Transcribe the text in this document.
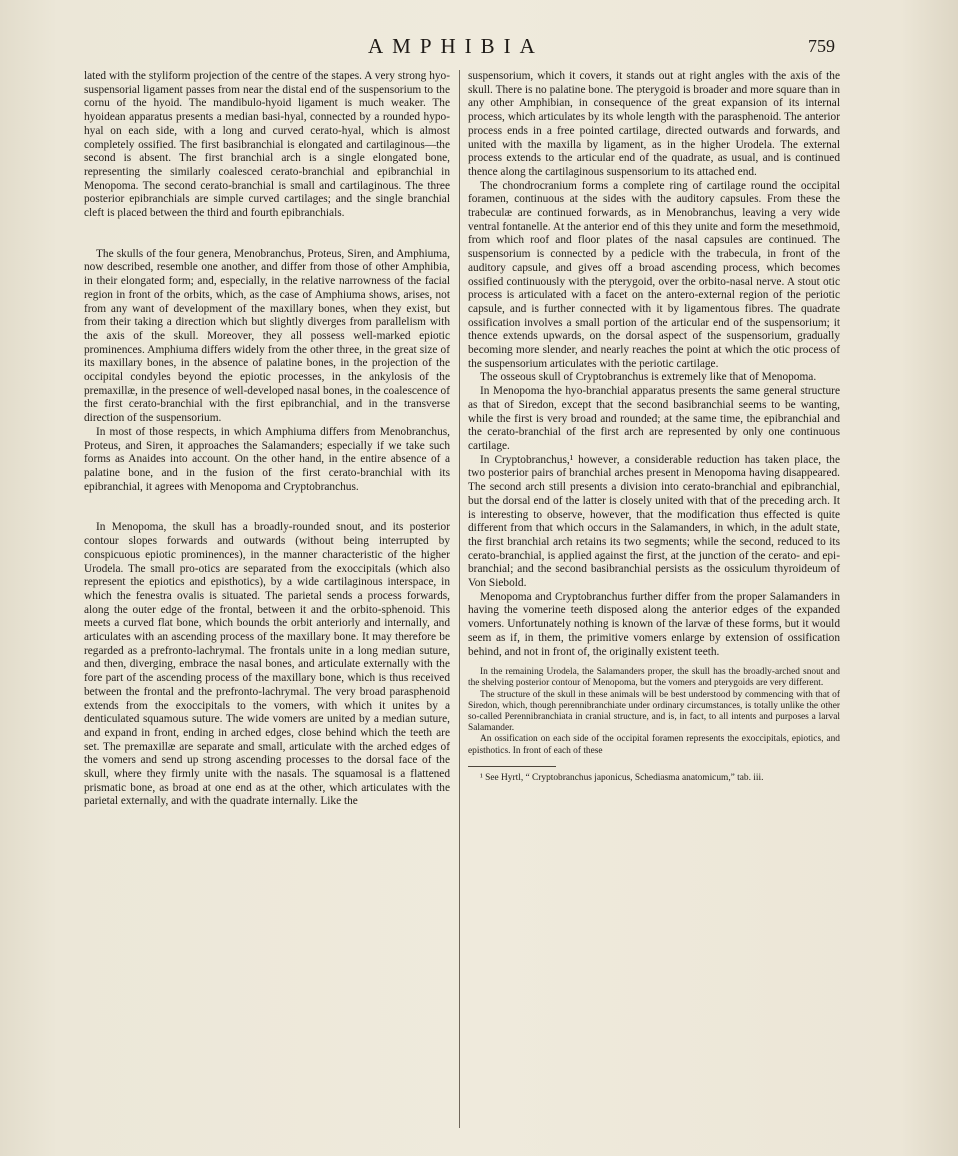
AMPHIBIA	759

lated with the styliform projection of the centre of the stapes. A very strong hyo-suspensorial ligament passes from near the distal end of the suspensorium to the cornu of the hyoid. The mandibulo-hyoid ligament is much weaker. The hyoidean apparatus presents a median basi-hyal, connected by a rounded hypo-hyal on each side, with a long and curved cerato-hyal, which is almost completely ossified. The first basibranchial is elongated and cartilaginous—the second is absent. The first branchial arch is a single elongated bone, representing the similarly coalesced cerato-branchial and epibranchial in Menopoma. The second cerato-branchial is small and cartilaginous. The three posterior epibranchials are simple curved cartilages; and the single branchial cleft is placed between the third and fourth epibranchials.

The skulls of the four genera, Menobranchus, Proteus, Siren, and Amphiuma, now described, resemble one another, and differ from those of other Amphibia, in their elongated form; and, especially, in the relative narrowness of the facial region in front of the orbits, which, as the case of Amphiuma shows, arises, not from any want of development of the maxillary bones, when they exist, but from their taking a direction which but slightly diverges from parallelism with the axis of the skull. Moreover, they all possess well-marked epiotic prominences. Amphiuma differs widely from the other three, in the great size of its maxillary bones, in the absence of palatine bones, in the projection of the occipital condyles beyond the epiotic processes, in the ankylosis of the premaxillæ, in the presence of well-developed nasal bones, in the coalescence of the first cerato-branchial with the first epibranchial, and in the transverse direction of the suspensorium.

In most of those respects, in which Amphiuma differs from Menobranchus, Proteus, and Siren, it approaches the Salamanders; especially if we take such forms as Anaides into account. On the other hand, in the entire absence of a palatine bone, and in the fusion of the first cerato-branchial with its epibranchial, it agrees with Menopoma and Cryptobranchus.

In Menopoma, the skull has a broadly-rounded snout, and its posterior contour slopes forwards and outwards (without being interrupted by conspicuous epiotic prominences), in the manner characteristic of the higher Urodela. The small pro-otics are separated from the exoccipitals (which also represent the epiotics and episthotics), by a wide cartilaginous interspace, in which the fenestra ovalis is situated. The parietal sends a process forwards, along the outer edge of the frontal, between it and the orbito-sphenoid. This meets a curved flat bone, which bounds the orbit anteriorly and internally, and articulates with an ascending process of the maxillary bone. It may therefore be regarded as a prefronto-lachrymal. The frontals unite in a long median suture, and then, diverging, embrace the nasal bones, and articulate externally with the fore part of the ascending process of the maxillary bone, which is thus received between the frontal and the prefronto-lachrymal. The very broad parasphenoid extends from the exoccipitals to the vomers, with which it unites by a denticulated squamous suture. The wide vomers are united by a median suture, and expand in front, ending in arched edges, close behind which the teeth are set. The premaxillæ are separate and small, articulate with the arched edges of the vomers and send up strong ascending processes to the dorsal face of the skull, where they firmly unite with the nasals. The squamosal is a flattened prismatic bone, as broad at one end as at the other, which articulates with the parietal externally, and with the quadrate internally. Like the

suspensorium, which it covers, it stands out at right angles with the axis of the skull. There is no palatine bone. The pterygoid is broader and more square than in any other Amphibian, in consequence of the great expansion of its internal process, which articulates by its whole length with the parasphenoid. The anterior process ends in a free pointed cartilage, directed outwards and forwards, and united with the maxilla by ligament, as in the higher Urodela. The external process extends to the articular end of the quadrate, as usual, and is continued thence along the cartilaginous suspensorium to its attached end.

The chondrocranium forms a complete ring of cartilage round the occipital foramen, continuous at the sides with the auditory capsules. From these the trabeculæ are continued forwards, as in Menobranchus, leaving a very wide ventral fontanelle. At the anterior end of this they unite and form the mesethmoid, from which roof and floor plates of the nasal capsules are continued. The suspensorium is connected by a pedicle with the trabecula, in front of the auditory capsule, and gives off a broad ascending process, which becomes ossified continuously with the pterygoid, over the orbito-nasal nerve. A stout otic process is articulated with a facet on the antero-external region of the periotic capsule, and is further connected with it by ligamentous fibres. The quadrate ossification involves a small portion of the articular end of the suspensorium; it thence extends upwards, on the dorsal aspect of the suspensorium, gradually becoming more slender, and nearly reaches the point at which the otic process of the suspensorium articulates with the periotic cartilage.

The osseous skull of Cryptobranchus is extremely like that of Menopoma.

In Menopoma the hyo-branchial apparatus presents the same general structure as that of Siredon, except that the second basibranchial seems to be wanting, while the first is very broad and rounded; at the same time, the epibranchial and the cerato-branchial of the first arch are represented by only one continuous cartilage.

In Cryptobranchus,¹ however, a considerable reduction has taken place, the two posterior pairs of branchial arches present in Menopoma having disappeared. The second arch still presents a division into cerato-branchial and epibranchial, but the dorsal end of the latter is closely united with that of the preceding arch. It is interesting to observe, however, that the modification thus effected is quite different from that which occurs in the Salamanders, in which, in the adult state, the first branchial arch retains its two segments; while the second, reduced to its cerato-branchial, is applied against the first, at the junction of the cerato- and epi-branchial; and the second basibranchial persists as the ossiculum thyroideum of Von Siebold.

Menopoma and Cryptobranchus further differ from the proper Salamanders in having the vomerine teeth disposed along the anterior edges of the expanded vomers. Unfortunately nothing is known of the larvæ of these forms, but it would seem as if, in them, the primitive vomers enlarge by extension of ossification behind, and not in front of, the originally existent teeth.

In the remaining Urodela, the Salamanders proper, the skull has the broadly-arched snout and the shelving posterior contour of Menopoma, but the vomers and pterygoids are very different.

The structure of the skull in these animals will be best understood by commencing with that of Siredon, which, though perennibranchiate under ordinary circumstances, is totally unlike the other so-called Perennibranchiata in cranial structure, and is, in fact, to all intents and purposes a larval Salamander.

An ossification on each side of the occipital foramen represents the exoccipitals, epiotics, and episthotics. In front of each of these

¹ See Hyrtl, “ Cryptobranchus japonicus, Schediasma anatomicum,” tab. iii.
